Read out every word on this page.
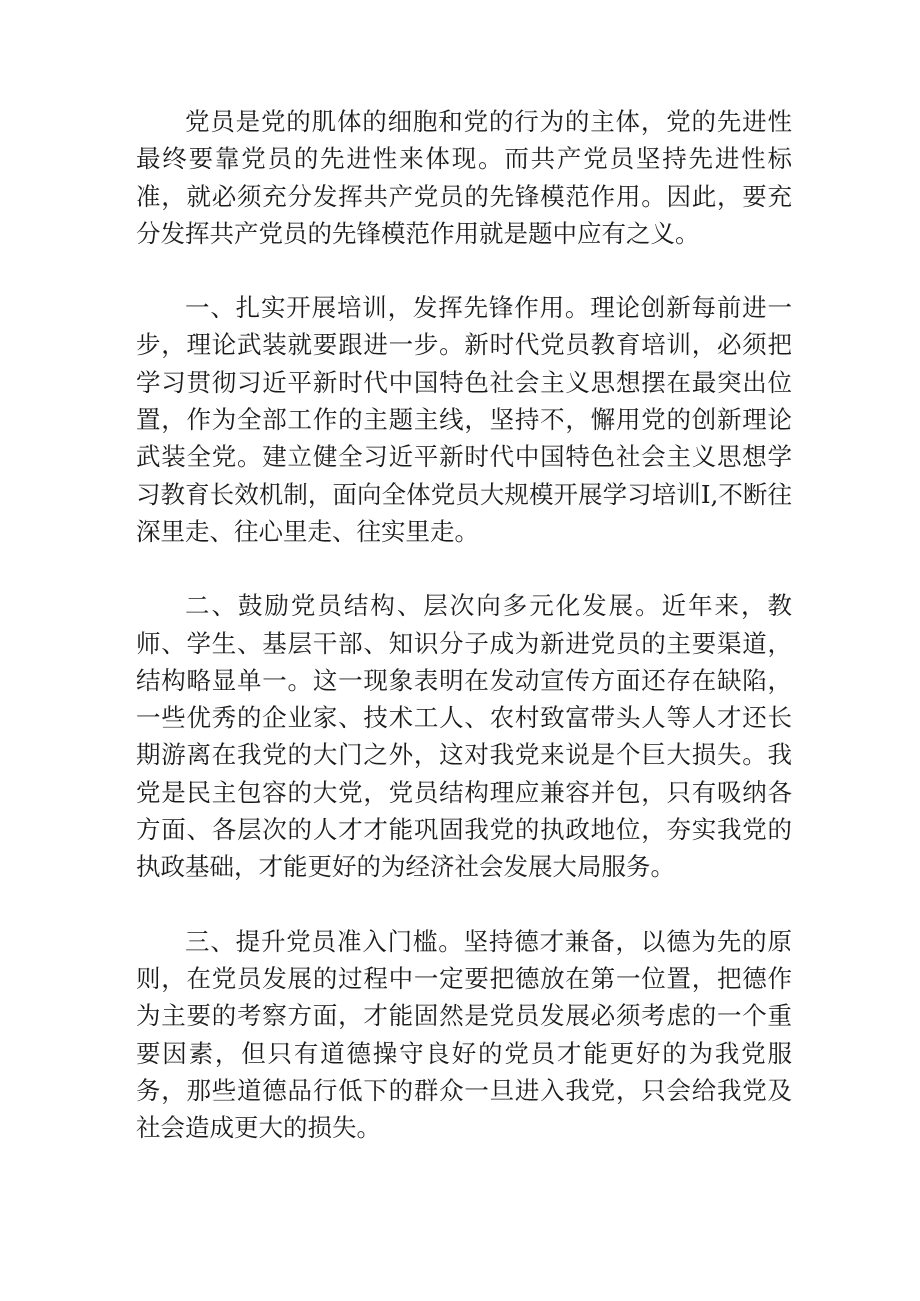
党员是党的肌体的细胞和党的行为的主体，党的先进性最终要靠党员的先进性来体现。而共产党员坚持先进性标准，就必须充分发挥共产党员的先锋模范作用。因此，要充分发挥共产党员的先锋模范作用就是题中应有之义。

一、扎实开展培训，发挥先锋作用。理论创新每前进一步，理论武装就要跟进一步。新时代党员教育培训，必须把学习贯彻习近平新时代中国特色社会主义思想摆在最突出位置，作为全部工作的主题主线，坚持不，懈用党的创新理论武装全党。建立健全习近平新时代中国特色社会主义思想学习教育长效机制，面向全体党员大规模开展学习培训I,不断往深里走、往心里走、往实里走。

二、鼓励党员结构、层次向多元化发展。近年来，教师、学生、基层干部、知识分子成为新进党员的主要渠道，结构略显单一。这一现象表明在发动宣传方面还存在缺陷，一些优秀的企业家、技术工人、农村致富带头人等人才还长期游离在我党的大门之外，这对我党来说是个巨大损失。我党是民主包容的大党，党员结构理应兼容并包，只有吸纳各方面、各层次的人才才能巩固我党的执政地位，夯实我党的执政基础，才能更好的为经济社会发展大局服务。

三、提升党员准入门槛。坚持德才兼备，以德为先的原则，在党员发展的过程中一定要把德放在第一位置，把德作为主要的考察方面，才能固然是党员发展必须考虑的一个重要因素，但只有道德操守良好的党员才能更好的为我党服务，那些道德品行低下的群众一旦进入我党，只会给我党及社会造成更大的损失。
